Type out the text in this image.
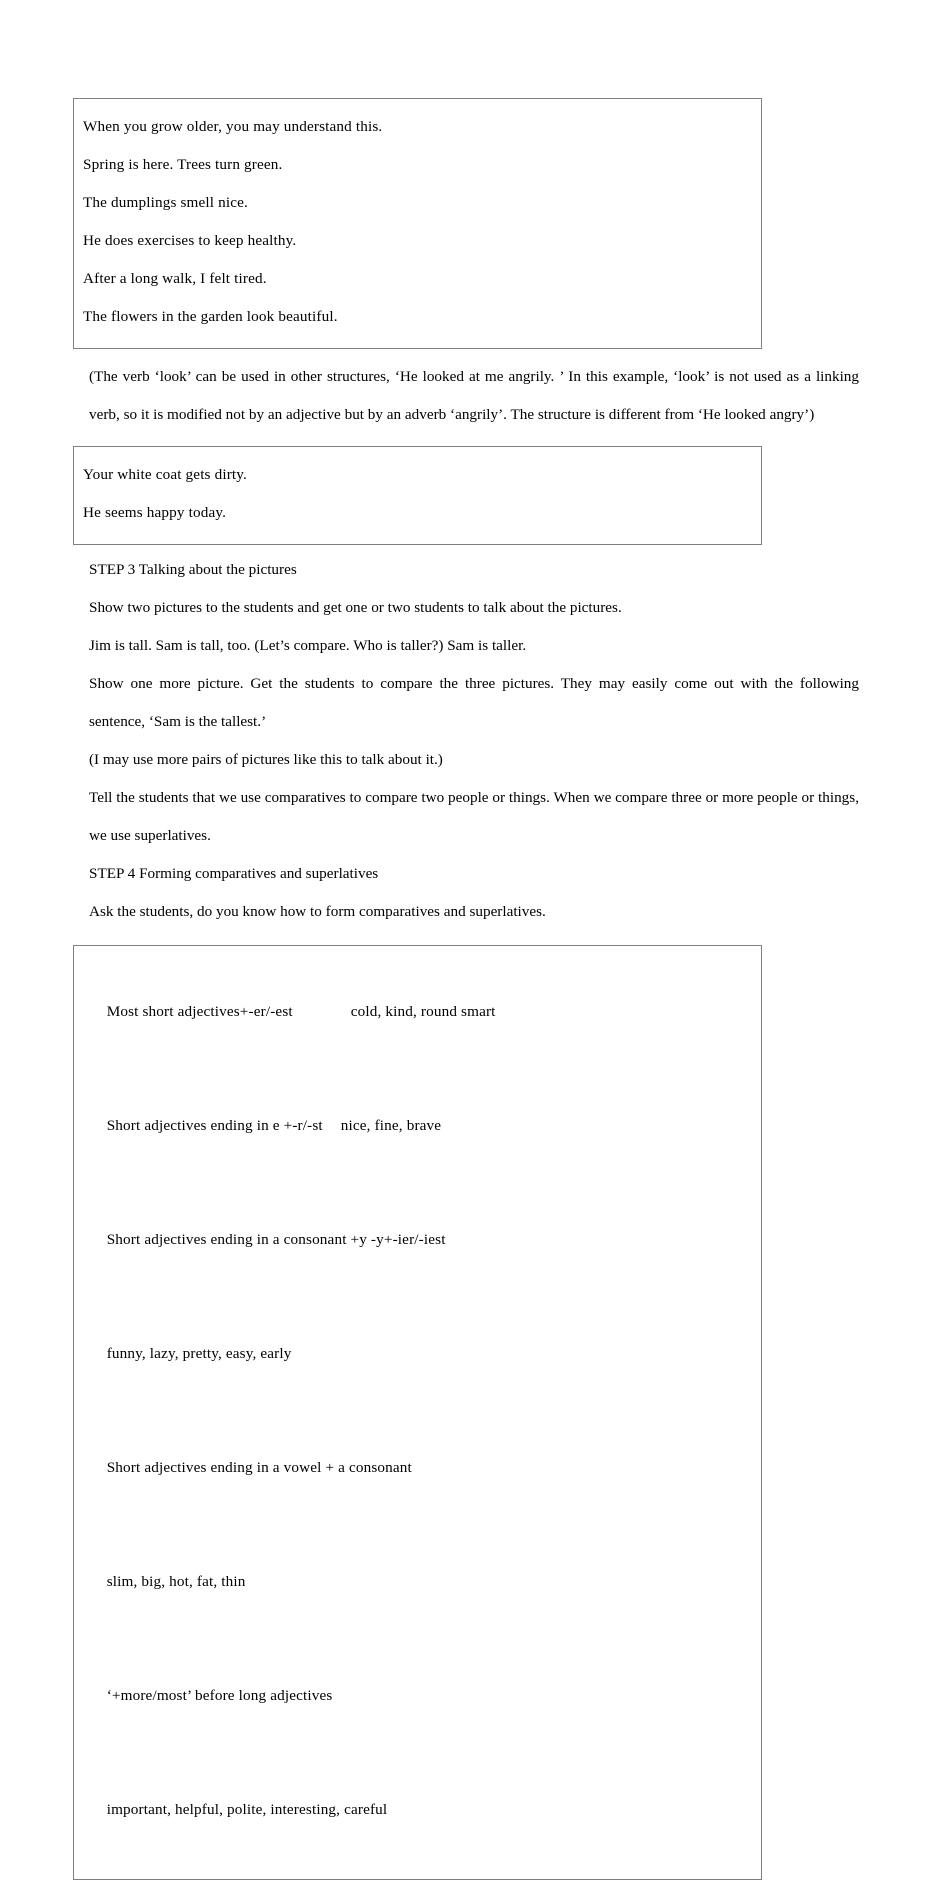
When you grow older, you may understand this.
Spring is here. Trees turn green.
The dumplings smell nice.
He does exercises to keep healthy.
After a long walk, I felt tired.
The flowers in the garden look beautiful.

(The verb ‘look’ can be used in other structures, ‘He looked at me angrily. ’ In this example, ‘look’ is not used as a linking verb, so it is modified not by an adjective but by an adverb ‘angrily’. The structure is different from ‘He looked angry’)

Your white coat gets dirty.
He seems happy today.

STEP 3 Talking about the pictures

Show two pictures to the students and get one or two students to talk about the pictures.

Jim is tall. Sam is tall, too. (Let’s compare. Who is taller?) Sam is taller.

Show one more picture. Get the students to compare the three pictures. They may easily come out with the following sentence, ‘Sam is the tallest.’

(I may use more pairs of pictures like this to talk about it.)

Tell the students that we use comparatives to compare two people or things. When we compare three or more people or things, we use superlatives.

STEP 4 Forming comparatives and superlatives

Ask the students, do you know how to form comparatives and superlatives.

Most short adjectives+-er/-est	cold, kind, round smart

Short adjectives ending in e +-r/-st nice, fine, brave

Short adjectives ending in a consonant +y -y+-ier/-iest

funny, lazy, pretty, easy, early

Short adjectives ending in a vowel + a consonant

slim, big, hot, fat, thin

‘+more/most’ before long adjectives

important, helpful, polite, interesting, careful
